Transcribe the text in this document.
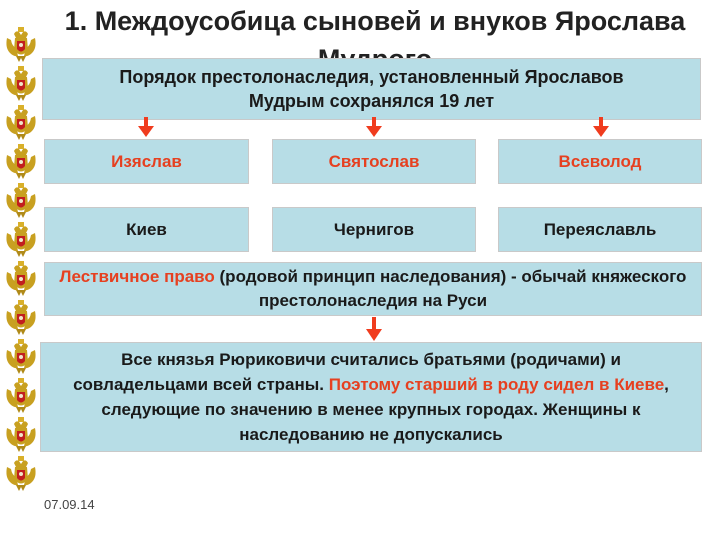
1. Междоусобица сыновей и внуков Ярослава
Порядок престолонаследия, установленный Ярославов Мудрым сохранялся 19 лет
Изяслав	Святослав	Всеволод
Киев	Чернигов	Переяславль
Лествичное право (родовой принцип наследования) - обычай княжеского престолонаследия на Руси
Все князья Рюриковичи считались братьями (родичами) и совладельцами всей страны. Поэтому старший в роду сидел в Киеве, следующие по значению в менее крупных городах. Женщины к наследованию не допускались
07.09.14
